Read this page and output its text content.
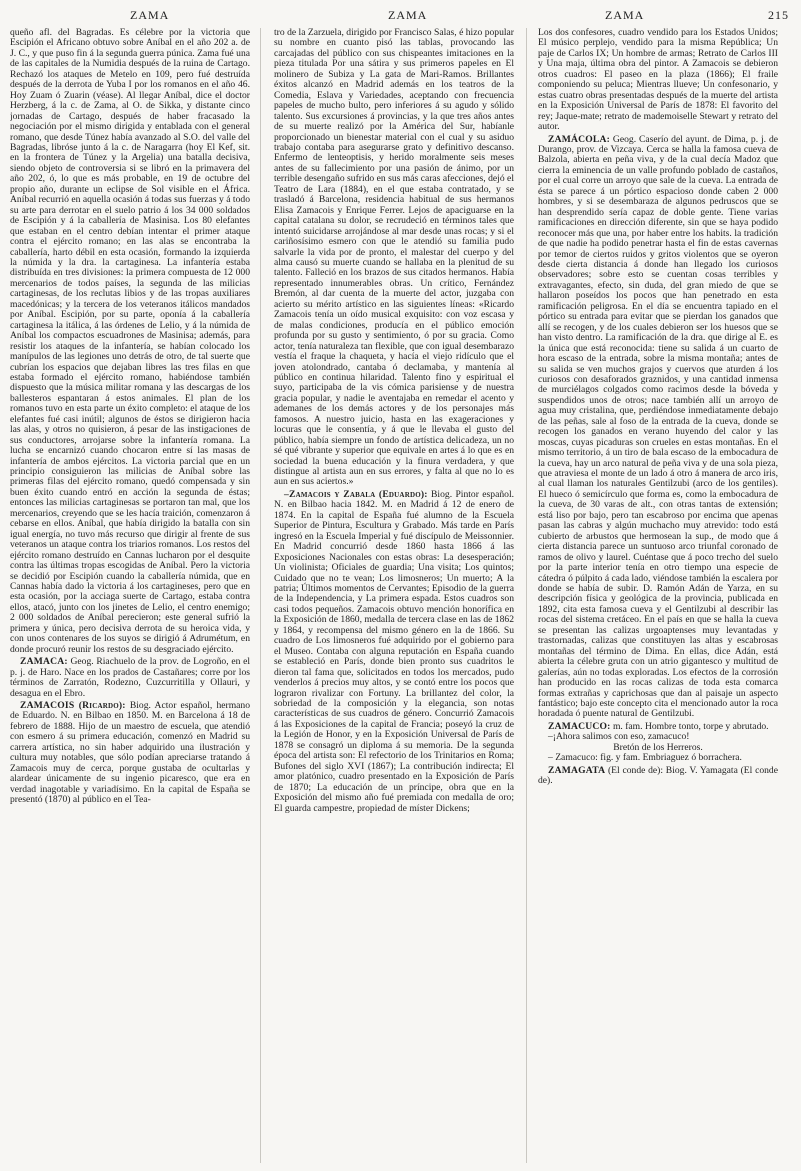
ZAMA	ZAMA	ZAMA	215

queño afl. del Bagradas. Es célebre por la victoria que Escipión el Africano obtuvo sobre Aníbal en el año 202 a. de J. C., y que puso fin á la segunda guerra púnica. Zama fué una de las capitales de la Numidia después de la ruina de Cartago. Rechazó los ataques de Metelo en 109, pero fué destruída después de la derrota de Yuba I por los romanos en el año 46. Hoy Zuam ó Zuarin (véase). Al llegar Aníbal, dice el doctor Herzberg, á la c. de Zama, al O. de Sikka, y distante cinco jornadas de Cartago, después de haber fracasado la negociación por el mismo dirigida y entablada con el general romano, que desde Túnez había avanzado al S.O. del valle del Bagradas, libróse junto á la c. de Naragarra (hoy El Kef, sit. en la frontera de Túnez y la Argelia) una batalla decisiva, siendo objeto de controversia si se libró en la primavera del año 202, ó, lo que es más probable, en 19 de octubre del propio año, durante un eclipse de Sol visible en el África. Aníbal recurrió en aquella ocasión á todas sus fuerzas y á todo su arte para derrotar en el suelo patrio á los 34 000 soldados de Escipión y á la caballería de Masinisa. Los 80 elefantes que estaban en el centro debían intentar el primer ataque contra el ejército romano; en las alas se encontraba la caballería, harto débil en esta ocasión, formando la izquierda la númida y la dra. la cartaginesa. La infantería estaba distribuída en tres divisiones: la primera compuesta de 12 000 mercenarios de todos países, la segunda de las milicias cartaginesas, de los reclutas libios y de las tropas auxiliares macedónicas; y la tercera de los veteranos itálicos mandados por Aníbal. Escipión, por su parte, oponía á la caballería cartaginesa la itálica, á las órdenes de Lelio, y á la númida de Aníbal los compactos escuadrones de Masinisa; además, para resistir los ataques de la infantería, se habían colocado los manípulos de las legiones uno detrás de otro, de tal suerte que cubrían los espacios que dejaban libres las tres filas en que estaba formado el ejército romano, habiéndose también dispuesto que la música militar romana y las descargas de los ballesteros espantaran á estos animales. El plan de los romanos tuvo en esta parte un éxito completo: el ataque de los elefantes fué casi inútil; algunos de éstos se dirigieron hacia las alas, y otros no quisieron, á pesar de las instigaciones de sus conductores, arrojarse sobre la infantería romana. La lucha se encarnizó cuando chocaron entre sí las masas de infantería de ambos ejércitos. La victoria parcial que en un principio consiguieron las milicias de Aníbal sobre las primeras filas del ejército romano, quedó compensada y sin buen éxito cuando entró en acción la segunda de éstas; entonces las milicias cartaginesas se portaron tan mal, que los mercenarios, creyendo que se les hacía traición, comenzaron á cebarse en ellos. Aníbal, que había dirigido la batalla con sin igual energía, no tuvo más recurso que dirigir al frente de sus veteranos un ataque contra los triarios romanos. Los restos del ejército romano destruído en Cannas lucharon por el desquite contra las últimas tropas escogidas de Aníbal. Pero la victoria se decidió por Escipión cuando la caballería númida, que en Cannas había dado la victoria á los cartagineses, pero que en esta ocasión, por la acciaga suerte de Cartago, estaba contra ellos, atacó, junto con los jinetes de Lelio, el centro enemigo; 2 000 soldados de Aníbal perecieron; este general sufrió la primera y única, pero decisiva derrota de su heroica vida, y con unos contenares de los suyos se dirigió á Adrumétum, en donde procuró reunir los restos de su desgraciado ejército.

ZAMACA: Geog. Riachuelo de la prov. de Logroño, en el p. j. de Haro. Nace en los prados de Castañares; corre por los términos de Zarratón, Rodezno, Cuzcurritilla y Ollauri, y desagua en el Ebro.

ZAMACOIS (Ricardo): Biog. Actor español, hermano de Eduardo. N. en Bilbao en 1850. M. en Barcelona á 18 de febrero de 1888. Hijo de un maestro de escuela, que atendió con esmero á su primera educación, comenzó en Madrid su carrera artística, no sin haber adquirido una ilustración y cultura muy notables, que sólo podían apreciarse tratando á Zamacois muy de cerca, porque gustaba de ocultarlas y alardear únicamente de su ingenio picaresco, que era en verdad inagotable y variadísimo. En la capital de España se presentó (1870) al público en el Tea-

tro de la Zarzuela, dirigido por Francisco Salas, é hizo popular su nombre en cuanto pisó las tablas, provocando las carcajadas del público con sus chispeantes imitaciones en la pieza titulada Por una sátira y sus primeros papeles en El molinero de Subiza y La gata de Mari-Ramos. Brillantes éxitos alcanzó en Madrid además en los teatros de la Comedia, Eslava y Variedades, aceptando con frecuencia papeles de mucho bulto, pero inferiores á su agudo y sólido talento. Sus excursiones á provincias, y la que tres años antes de su muerte realizó por la América del Sur, habíanle proporcionado un bienestar material con el cual y su asiduo trabajo contaba para asegurarse grato y definitivo descanso. Enfermo de lenteoptisis, y herido moralmente seis meses antes de su fallecimiento por una pasión de ánimo, por un terrible desengaño sufrido en sus más caras afecciones, dejó el Teatro de Lara (1884), en el que estaba contratado, y se trasladó á Barcelona, residencia habitual de sus hermanos Elisa Zamacois y Enrique Ferrer. Lejos de apaciguarse en la capital catalana su dolor, se recrudeció en términos tales que intentó suicidarse arrojándose al mar desde unas rocas; y si el cariñosísimo esmero con que le atendió su familia pudo salvarle la vida por de pronto, el malestar del cuerpo y del alma causó su muerte cuando se hallaba en la plenitud de su talento. Falleció en los brazos de sus citados hermanos. Había representado innumerables obras. Un crítico, Fernández Bremón, al dar cuenta de la muerte del actor, juzgaba con acierto su mérito artístico en las siguientes líneas: «Ricardo Zamacois tenía un oído musical exquisito: con voz escasa y de malas condiciones, producía en el público emoción profunda por su gusto y sentimiento, ó por su gracia. Como actor, tenía naturaleza tan flexible, que con igual desembarazo vestía el fraque la chaqueta, y hacía el viejo ridículo que el joven atolondrado, cantaba ó declamaba, y mantenía al público en continua hilaridad. Talento fino y espiritual el suyo, participaba de la vis cómica parisiense y de nuestra gracia popular, y nadie le aventajaba en remedar el acento y ademanes de los demás actores y de los personajes más famosos. A nuestro juicio, hasta en las exageraciones y locuras que le consentía, y á que le llevaba el gusto del público, había siempre un fondo de artística delicadeza, un no sé qué vibrante y superior que equivale en artes á lo que es en sociedad la buena educación y la finura verdadera, y que distingue al artista aun en sus errores, y falta al que no lo es aun en sus aciertos.»

–Zamacois y Zabala (Eduardo): Biog. Pintor español. N. en Bilbao hacia 1842. M. en Madrid á 12 de enero de 1874. En la capital de España fué alumno de la Escuela Superior de Pintura, Escultura y Grabado. Más tarde en París ingresó en la Escuela Imperial y fué discípulo de Meissonnier. En Madrid concurrió desde 1860 hasta 1866 á las Exposiciones Nacionales con estas obras: La desesperación; Un violinista; Oficiales de guardia; Una visita; Los quintos; Cuidado que no te vean; Los limosneros; Un muerto; A la patria; Últimos momentos de Cervantes; Episodio de la guerra de la Independencia, y La primera espada. Estos cuadros son casi todos pequeños. Zamacois obtuvo mención honorífica en la Exposición de 1860, medalla de tercera clase en las de 1862 y 1864, y recompensa del mismo género en la de 1866. Su cuadro de Los limosneros fué adquirido por el gobierno para el Museo. Contaba con alguna reputación en España cuando se estableció en París, donde bien pronto sus cuadritos le dieron tal fama que, solicitados en todos los mercados, pudo venderlos á precios muy altos, y se contó entre los pocos que lograron rivalizar con Fortuny. La brillantez del color, la sobriedad de la composición y la elegancia, son notas características de sus cuadros de género. Concurrió Zamacois á las Exposiciones de la capital de Francia; poseyó la cruz de la Legión de Honor, y en la Exposición Universal de París de 1878 se consagró un diploma á su memoria. De la segunda época del artista son: El refectorio de los Trinitarios en Roma; Bufones del siglo XVI (1867); La contribución indirecta; El amor platónico, cuadro presentado en la Exposición de París de 1870; La educación de un príncipe, obra que en la Exposición del mismo año fué premiada con medalla de oro; El guarda campestre, propiedad de míster Dickens;

Los dos confesores, cuadro vendido para los Estados Unidos; El músico perplejo, vendido para la misma República; Un paje de Carlos IX; Un hombre de armas; Retrato de Carlos III y Una maja, última obra del pintor. A Zamacois se debieron otros cuadros: El paseo en la plaza (1866); El fraile componiendo su peluca; Mientras llueve; Un confesonario, y estas cuatro obras presentadas después de la muerte del artista en la Exposición Universal de París de 1878: El favorito del rey; Jaque-mate; retrato de mademoiselle Stewart y retrato del autor.

ZAMÁCOLA: Geog. Caserío del ayunt. de Dima, p. j. de Durango, prov. de Vizcaya. Cerca se halla la famosa cueva de Balzola, abierta en peña viva, y de la cual decía Madoz que cierra la eminencia de un valle profundo poblado de castaños, por el cual corre un arroyo que sale de la cueva. La entrada de ésta se parece á un pórtico espacioso donde caben 2 000 hombres, y si se desembaraza de algunos pedruscos que se han desprendido sería capaz de doble gente. Tiene varias ramificaciones en dirección diferente, sin que se haya podido reconocer más que una, por haber entre los habits. la tradición de que nadie ha podido penetrar hasta el fin de estas cavernas por temor de ciertos ruidos y gritos violentos que se oyeron desde cierta distancia á donde han llegado los curiosos observadores; sobre esto se cuentan cosas terribles y extravagantes, efecto, sin duda, del gran miedo de que se hallaron poseídos los pocos que han penetrado en esta ramificación peligrosa. En el día se encuentra tapiado en el pórtico su entrada para evitar que se pierdan los ganados que allí se recogen, y de los cuales debieron ser los huesos que se han visto dentro. La ramificación de la dra. que dirige al E. es la única que está reconocida: tiene su salida á un cuarto de hora escaso de la entrada, sobre la misma montaña; antes de su salida se ven muchos grajos y cuervos que aturden á los curiosos con desaforados graznidos, y una cantidad inmensa de murciélagos colgados como racimos desde la bóveda y suspendidos unos de otros; nace también allí un arroyo de agua muy cristalina, que, perdiéndose inmediatamente debajo de las peñas, sale al foso de la entrada de la cueva, donde se recogen los ganados en verano huyendo del calor y las moscas, cuyas picaduras son crueles en estas montañas. En el mismo territorio, á un tiro de bala escaso de la embocadura de la cueva, hay un arco natural de peña viva y de una sola pieza, que atraviesa el monte de un lado á otro á manera de arco iris, al cual llaman los naturales Gentilzubi (arco de los gentiles). El hueco ó semicírculo que forma es, como la embocadura de la cueva, de 30 varas de alt., con otras tantas de extensión; está liso por bajo, pero tan escabroso por encima que apenas pasan las cabras y algún muchacho muy atrevido: todo está cubierto de arbustos que hermosean la sup., de modo que á cierta distancia parece un suntuoso arco triunfal coronado de ramos de olivo y laurel. Cuéntase que á poco trecho del suelo por la parte interior tenía en otro tiempo una especie de cátedra ó púlpito á cada lado, viéndose también la escalera por donde se había de subir. D. Ramón Adán de Yarza, en su descripción física y geológica de la provincia, publicada en 1892, cita esta famosa cueva y el Gentilzubi al describir las rocas del sistema cretáceo. En el país en que se halla la cueva se presentan las calizas urgoaptenses muy levantadas y trastornadas, calizas que constituyen las altas y escabrosas montañas del término de Dima. En ellas, dice Adán, está abierta la célebre gruta con un atrio gigantesco y multitud de galerías, aún no todas exploradas. Los efectos de la corrosión han producido en las rocas calizas de toda esta comarca formas extrañas y caprichosas que dan al paisaje un aspecto fantástico; bajo este concepto cita el mencionado autor la roca horadada ó puente natural de Gentilzubi.

ZAMACUCO: m. fam. Hombre tonto, torpe y abrutado.

–¡Ahora salimos con eso, zamacuco!

Bretón de los Herreros.

– Zamacuco: fig. y fam. Embriaguez ó borrachera.

ZAMAGATA (El conde de): Biog. V. Yamagata (El conde de).
